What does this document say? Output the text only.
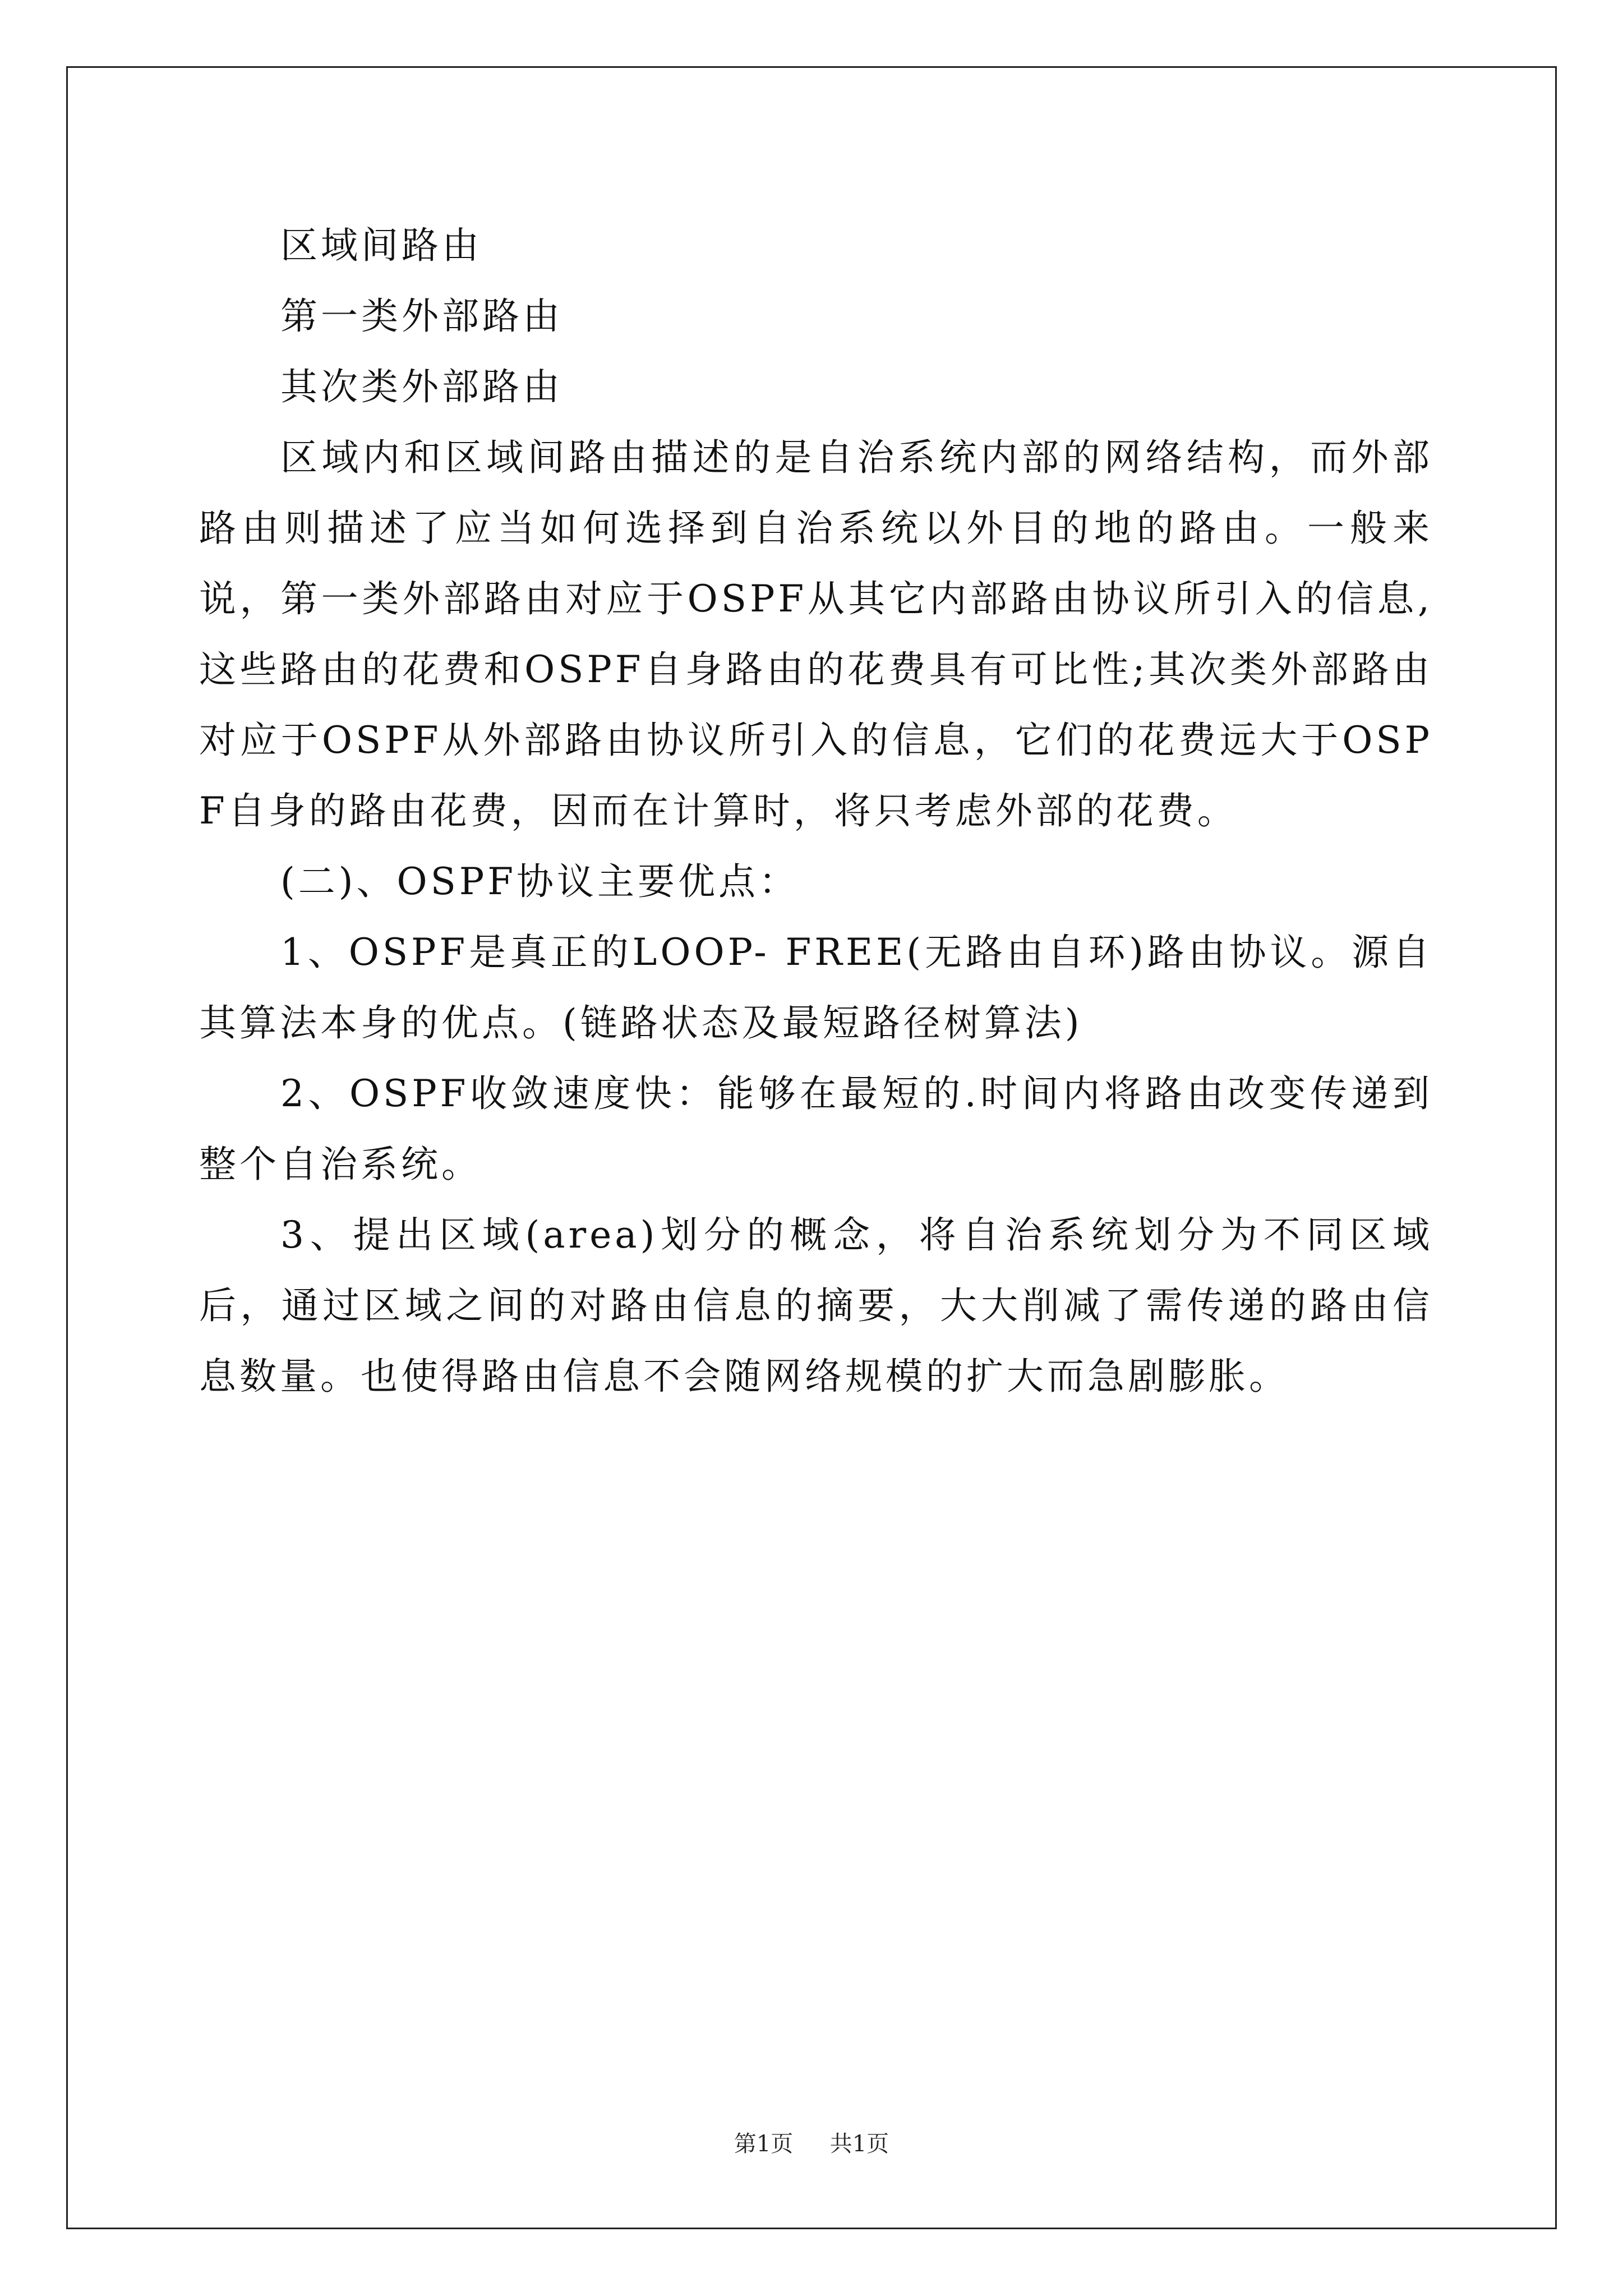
区域间路由

第一类外部路由

其次类外部路由

区域内和区域间路由描述的是自治系统内部的网络结构，而外部路由则描述了应当如何选择到自治系统以外目的地的路由。一般来说，第一类外部路由对应于OSPF从其它内部路由协议所引入的信息,这些路由的花费和OSPF自身路由的花费具有可比性;其次类外部路由对应于OSPF从外部路由协议所引入的信息，它们的花费远大于OSPF自身的路由花费，因而在计算时，将只考虑外部的花费。

(二)、OSPF协议主要优点：

1、OSPF是真正的LOOP- FREE(无路由自环)路由协议。源自其算法本身的优点。(链路状态及最短路径树算法)

2、OSPF收敛速度快：能够在最短的.时间内将路由改变传递到整个自治系统。

3、提出区域(area)划分的概念，将自治系统划分为不同区域后，通过区域之间的对路由信息的摘要，大大削减了需传递的路由信息数量。也使得路由信息不会随网络规模的扩大而急剧膨胀。

第1页 共1页
